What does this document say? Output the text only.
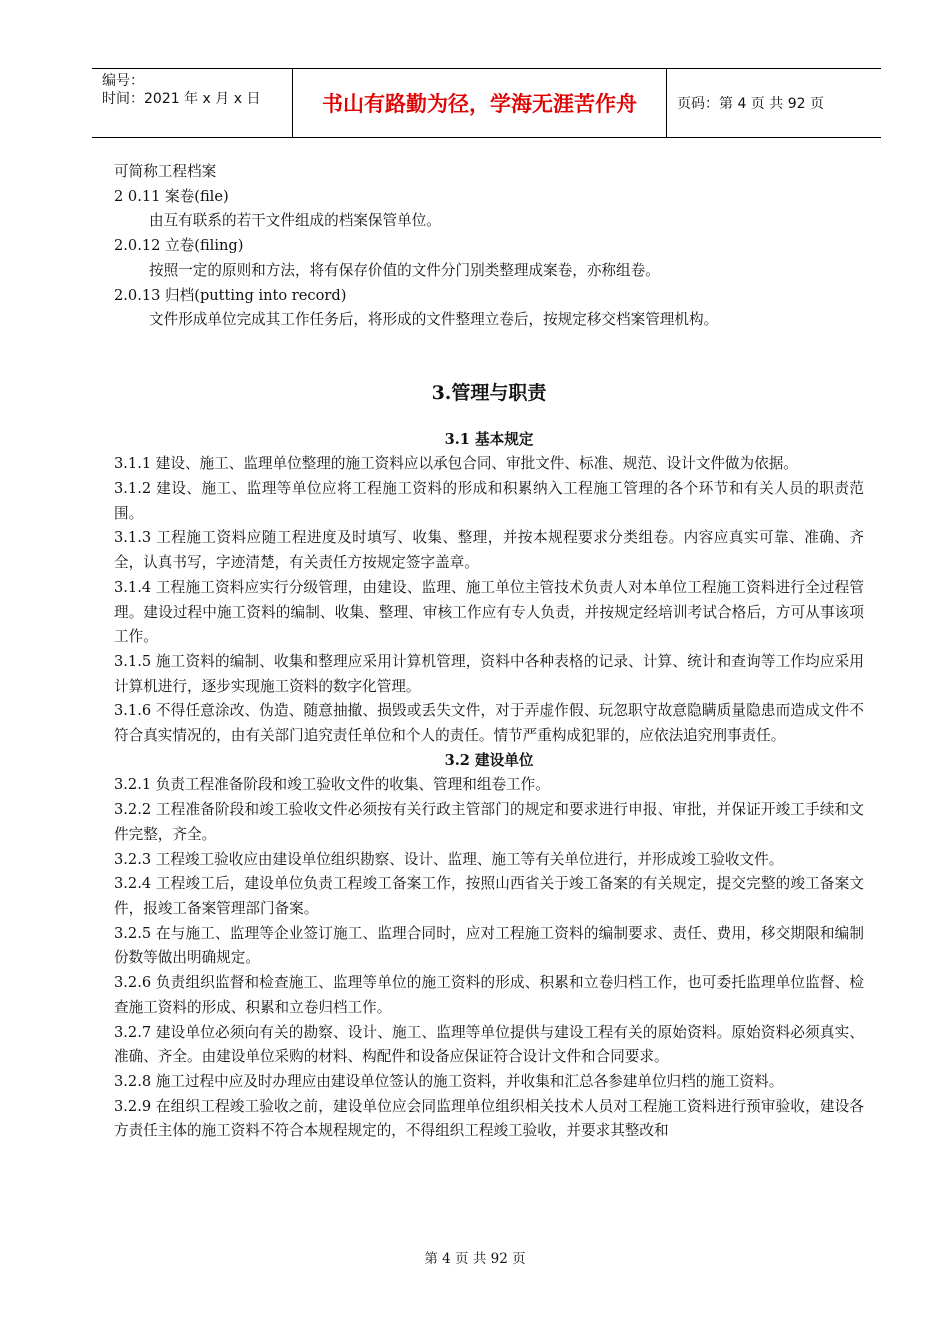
编号：
时间：2021 年 x 月 x 日	书山有路勤为径，学海无涯苦作舟	页码：第 4 页 共 92 页

可简称工程档案

2 0.11 案卷(file)

由互有联系的若干文件组成的档案保管单位。

2.0.12 立卷(filing)

按照一定的原则和方法，将有保存价值的文件分门别类整理成案卷，亦称组卷。

2.0.13 归档(putting into record)

文件形成单位完成其工作任务后，将形成的文件整理立卷后，按规定移交档案管理机构。

3.管理与职责

3.1 基本规定

3.1.1 建设、施工、监理单位整理的施工资料应以承包合同、审批文件、标准、规范、设计文件做为依据。

3.1.2 建设、施工、监理等单位应将工程施工资料的形成和积累纳入工程施工管理的各个环节和有关人员的职责范围。

3.1.3 工程施工资料应随工程进度及时填写、收集、整理，并按本规程要求分类组卷。内容应真实可靠、准确、齐全，认真书写，字迹清楚，有关责任方按规定签字盖章。

3.1.4 工程施工资料应实行分级管理，由建设、监理、施工单位主管技术负责人对本单位工程施工资料进行全过程管理。建设过程中施工资料的编制、收集、整理、审核工作应有专人负责，并按规定经培训考试合格后，方可从事该项工作。

3.1.5 施工资料的编制、收集和整理应采用计算机管理，资料中各种表格的记录、计算、统计和查询等工作均应采用计算机进行，逐步实现施工资料的数字化管理。

3.1.6 不得任意涂改、伪造、随意抽撤、损毁或丢失文件，对于弄虚作假、玩忽职守故意隐瞒质量隐患而造成文件不符合真实情况的，由有关部门追究责任单位和个人的责任。情节严重构成犯罪的，应依法追究刑事责任。

3.2 建设单位

3.2.1 负责工程准备阶段和竣工验收文件的收集、管理和组卷工作。

3.2.2 工程准备阶段和竣工验收文件必须按有关行政主管部门的规定和要求进行申报、审批，并保证开竣工手续和文件完整，齐全。

3.2.3 工程竣工验收应由建设单位组织勘察、设计、监理、施工等有关单位进行，并形成竣工验收文件。

3.2.4 工程竣工后，建设单位负责工程竣工备案工作，按照山西省关于竣工备案的有关规定，提交完整的竣工备案文件，报竣工备案管理部门备案。

3.2.5 在与施工、监理等企业签订施工、监理合同时，应对工程施工资料的编制要求、责任、费用，移交期限和编制份数等做出明确规定。

3.2.6 负责组织监督和检查施工、监理等单位的施工资料的形成、积累和立卷归档工作，也可委托监理单位监督、检查施工资料的形成、积累和立卷归档工作。

3.2.7 建设单位必须向有关的勘察、设计、施工、监理等单位提供与建设工程有关的原始资料。原始资料必须真实、准确、齐全。由建设单位采购的材料、构配件和设备应保证符合设计文件和合同要求。

3.2.8 施工过程中应及时办理应由建设单位签认的施工资料，并收集和汇总各参建单位归档的施工资料。

3.2.9 在组织工程竣工验收之前，建设单位应会同监理单位组织相关技术人员对工程施工资料进行预审验收，建设各方责任主体的施工资料不符合本规程规定的，不得组织工程竣工验收，并要求其整改和

第 4 页 共 92 页
